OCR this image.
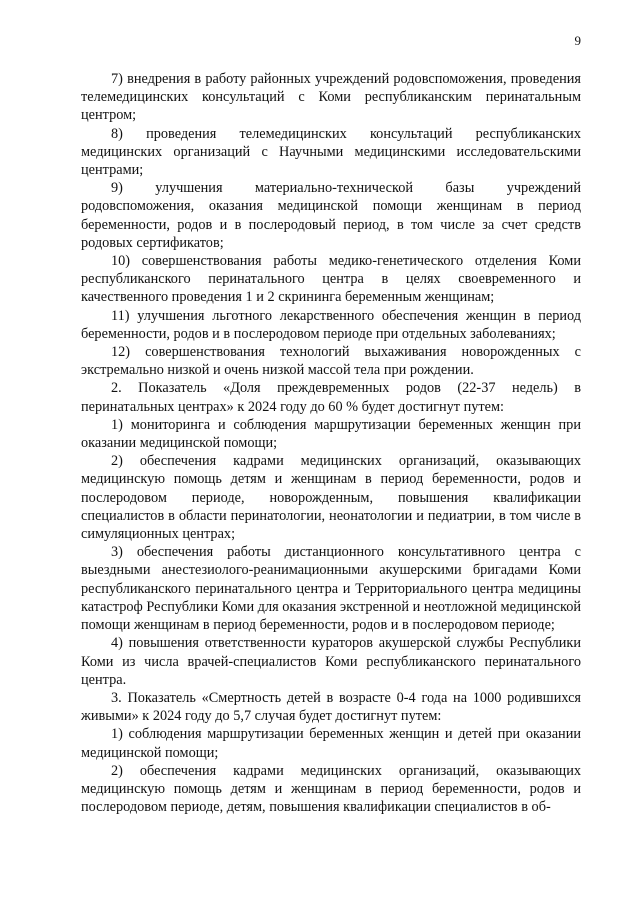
9

7) внедрения в работу районных учреждений родовспоможения, проведения телемедицинских консультаций с Коми республиканским перинатальным центром;

8) проведения телемедицинских консультаций республиканских медицинских организаций с Научными медицинскими исследовательскими центрами;

9) улучшения материально-технической базы учреждений родовспоможения, оказания медицинской помощи женщинам в период беременности, родов и в послеродовый период, в том числе за счет средств родовых сертификатов;

10) совершенствования работы медико-генетического отделения Коми республиканского перинатального центра в целях своевременного и качественного проведения 1 и 2 скрининга беременным женщинам;

11) улучшения льготного лекарственного обеспечения женщин в период беременности, родов и в послеродовом периоде при отдельных заболеваниях;

12) совершенствования технологий выхаживания новорожденных с экстремально низкой и очень низкой массой тела при рождении.

2. Показатель «Доля преждевременных родов (22-37 недель) в перинатальных центрах» к 2024 году до 60 % будет достигнут путем:

1) мониторинга и соблюдения маршрутизации беременных женщин при оказании медицинской помощи;

2) обеспечения кадрами медицинских организаций, оказывающих медицинскую помощь детям и женщинам в период беременности, родов и послеродовом периоде, новорожденным, повышения квалификации специалистов в области перинатологии, неонатологии и педиатрии, в том числе в симуляционных центрах;

3) обеспечения работы дистанционного консультативного центра с выездными анестезиолого-реанимационными акушерскими бригадами Коми республиканского перинатального центра и Территориального центра медицины катастроф Республики Коми для оказания экстренной и неотложной медицинской помощи женщинам в период беременности, родов и в послеродовом периоде;

4) повышения ответственности кураторов акушерской службы Республики Коми из числа врачей-специалистов Коми республиканского перинатального центра.

3. Показатель «Смертность детей в возрасте 0-4 года на 1000 родившихся живыми» к 2024 году до 5,7 случая будет достигнут путем:

1) соблюдения маршрутизации беременных женщин и детей при оказании медицинской помощи;

2) обеспечения кадрами медицинских организаций, оказывающих медицинскую помощь детям и женщинам в период беременности, родов и послеродовом периоде, детям, повышения квалификации специалистов в об-
